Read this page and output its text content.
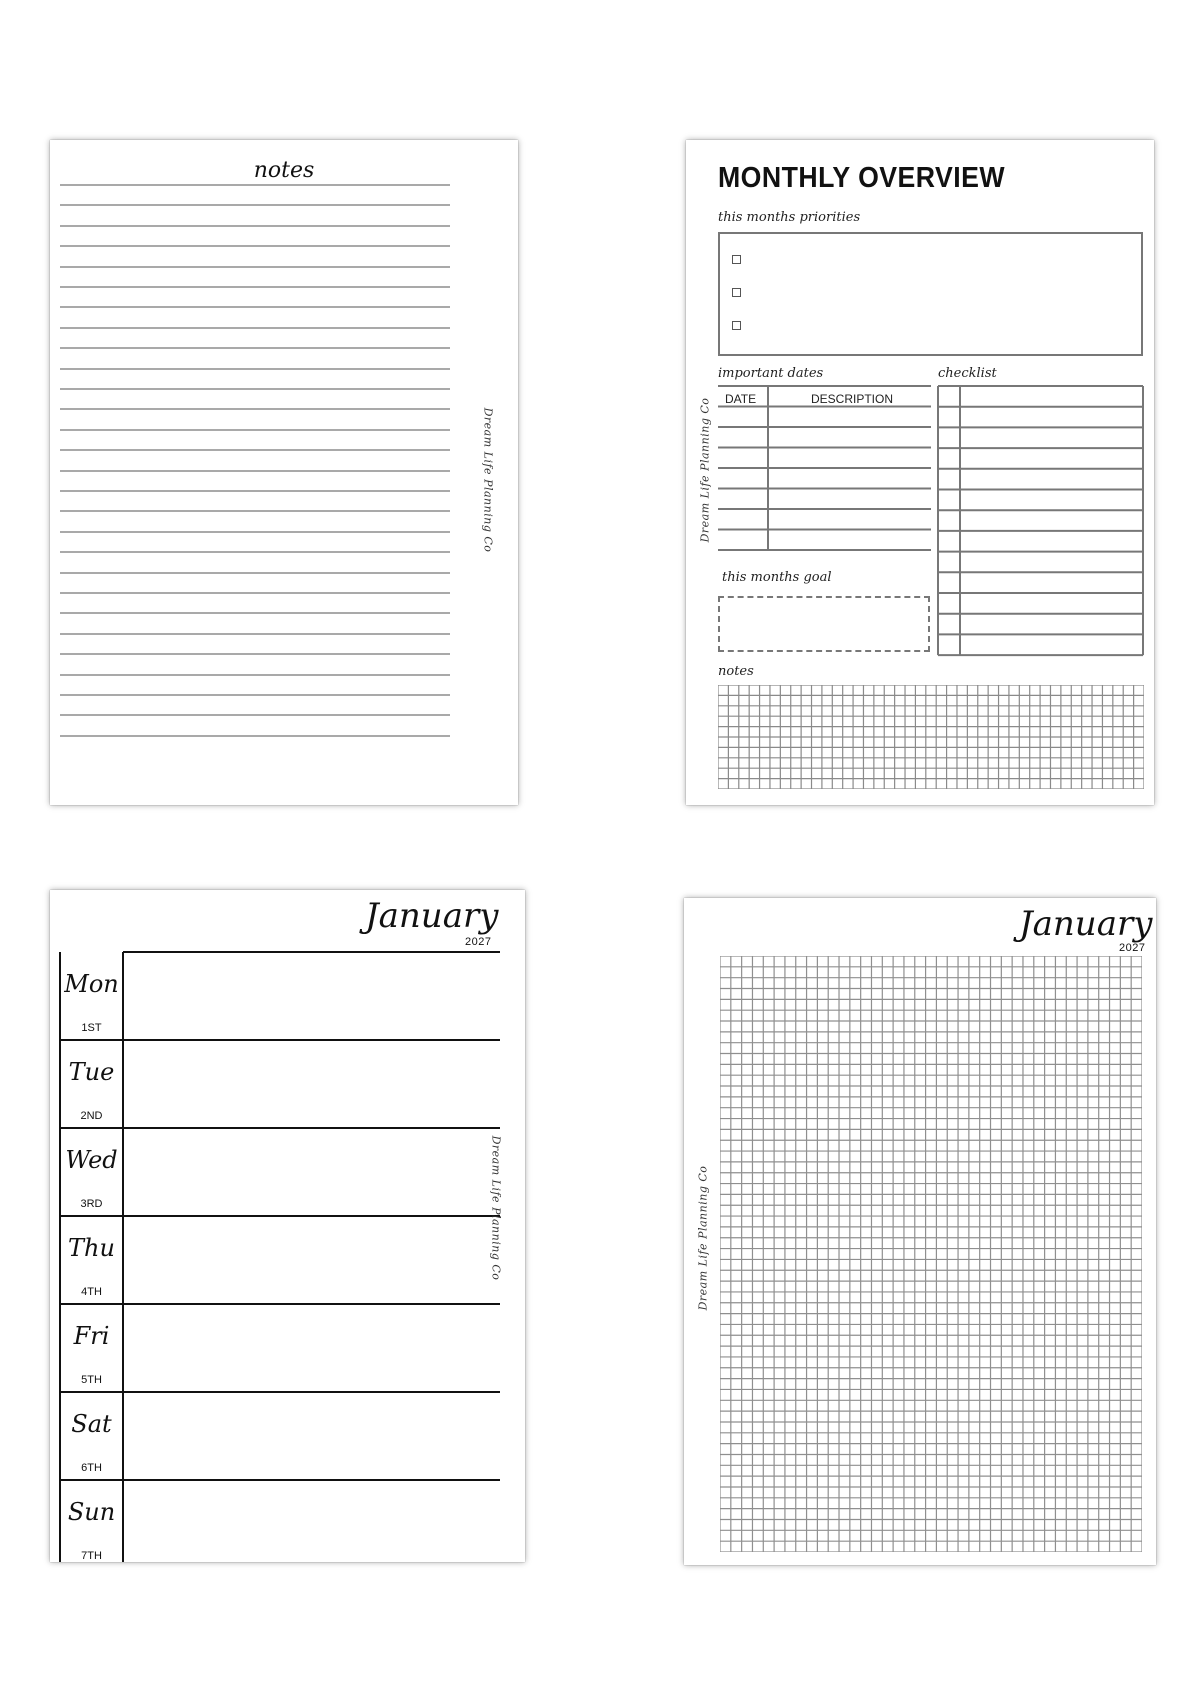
notes
Dream Life Planning Co
MONTHLY OVERVIEW
this months priorities
important dates	checklist
DATE	DESCRIPTION
this months goal
notes
Dream Life Planning Co
January
2027
Mon
1ST
Tue
2ND
Wed
3RD
Thu
4TH
Fri
5TH
Sat
6TH
Sun
7TH
Dream Life Planning Co
January
2027
Dream Life Planning Co
